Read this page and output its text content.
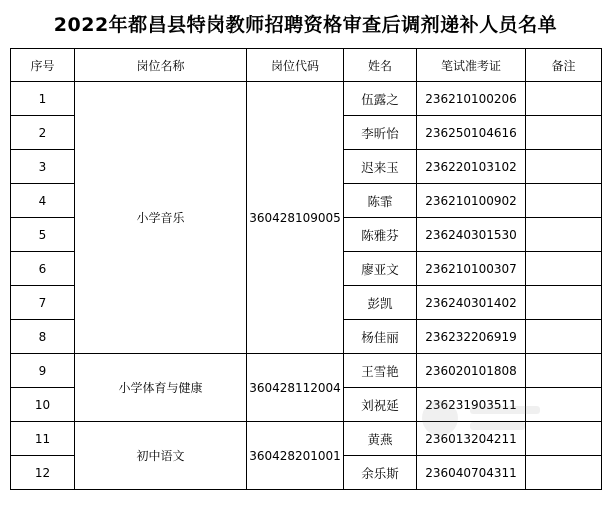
2022年都昌县特岗教师招聘资格审查后调剂递补人员名单
序号	岗位名称	岗位代码	姓名	笔试准考证	备注
1	小学音乐	360428109005	伍露之	236210100206	
2			李昕怡	236250104616	
3			迟来玉	236220103102	
4			陈霏	236210100902	
5			陈雅芬	236240301530	
6			廖亚文	236210100307	
7			彭凯	236240301402	
8			杨佳丽	236232206919	
9	小学体育与健康	360428112004	王雪艳	236020101808	
10			刘祝延	236231903511	
11	初中语文	360428201001	黄燕	236013204211	
12			余乐斯	236040704311	
